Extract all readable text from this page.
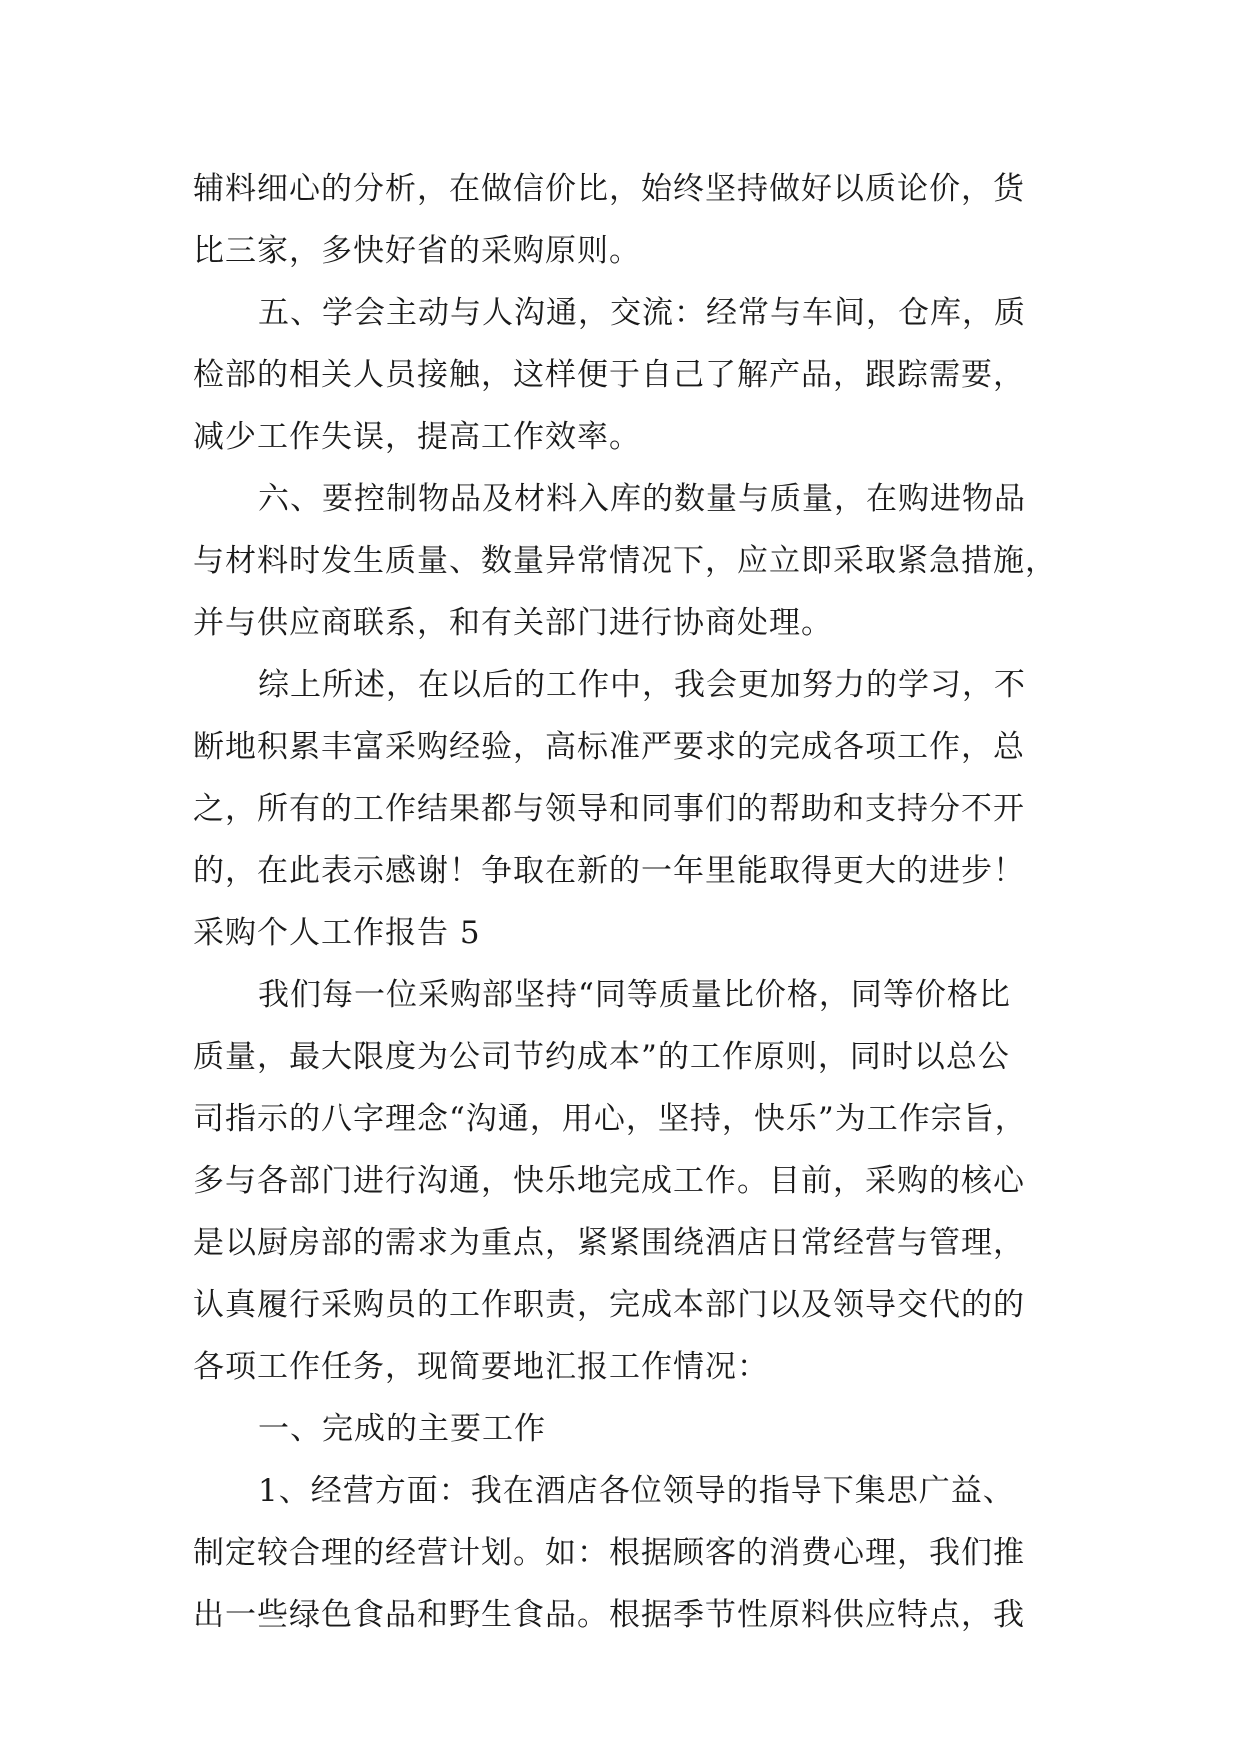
辅料细心的分析，在做信价比，始终坚持做好以质论价，货
比三家，多快好省的采购原则。
五、学会主动与人沟通，交流：经常与车间，仓库，质
检部的相关人员接触，这样便于自己了解产品，跟踪需要，
减少工作失误，提高工作效率。
六、要控制物品及材料入库的数量与质量，在购进物品
与材料时发生质量、数量异常情况下，应立即采取紧急措施，
并与供应商联系，和有关部门进行协商处理。
综上所述，在以后的工作中，我会更加努力的学习，不
断地积累丰富采购经验，高标准严要求的完成各项工作，总
之，所有的工作结果都与领导和同事们的帮助和支持分不开
的，在此表示感谢！争取在新的一年里能取得更大的进步！
采购个人工作报告 5
我们每一位采购部坚持“同等质量比价格，同等价格比
质量，最大限度为公司节约成本”的工作原则，同时以总公
司指示的八字理念“沟通，用心，坚持，快乐”为工作宗旨，
多与各部门进行沟通，快乐地完成工作。目前，采购的核心
是以厨房部的需求为重点，紧紧围绕酒店日常经营与管理，
认真履行采购员的工作职责，完成本部门以及领导交代的的
各项工作任务，现简要地汇报工作情况：
一、完成的主要工作
1、经营方面：我在酒店各位领导的指导下集思广益、
制定较合理的经营计划。如：根据顾客的消费心理，我们推
出一些绿色食品和野生食品。根据季节性原料供应特点，我
